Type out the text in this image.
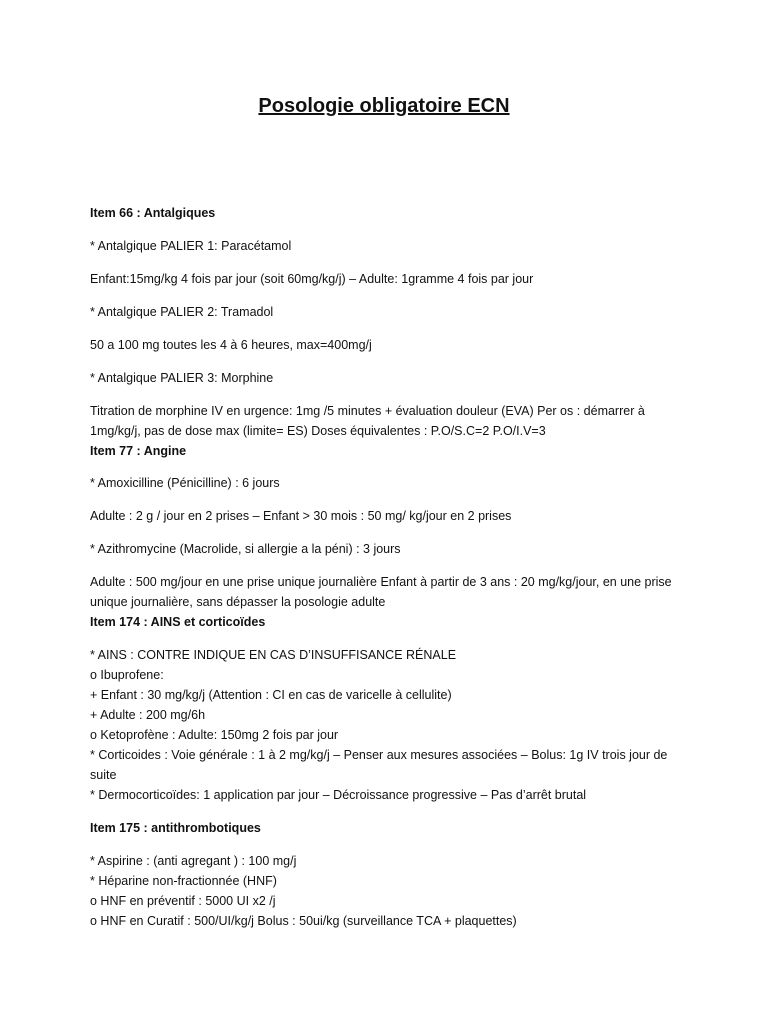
Posologie obligatoire ECN

Item 66 : Antalgiques

* Antalgique PALIER 1: Paracétamol

Enfant:15mg/kg 4 fois par jour (soit 60mg/kg/j) – Adulte: 1gramme 4 fois par jour

* Antalgique PALIER 2: Tramadol

50 a 100 mg toutes les 4 à 6 heures, max=400mg/j

* Antalgique PALIER 3: Morphine

Titration de morphine IV en urgence: 1mg /5 minutes + évaluation douleur (EVA) Per os : démarrer à 1mg/kg/j, pas de dose max (limite= ES) Doses équivalentes : P.O/S.C=2 P.O/I.V=3

Item 77 : Angine

* Amoxicilline (Pénicilline) : 6 jours

Adulte : 2 g / jour en 2 prises – Enfant > 30 mois : 50 mg/ kg/jour en 2 prises

* Azithromycine (Macrolide, si allergie a la péni) : 3 jours

Adulte : 500 mg/jour en une prise unique journalière Enfant à partir de 3 ans : 20 mg/kg/jour, en une prise unique journalière, sans dépasser la posologie adulte

Item 174 : AINS et corticoïdes

* AINS : CONTRE INDIQUE EN CAS D’INSUFFISANCE RÉNALE

o Ibuprofene:

+ Enfant : 30 mg/kg/j (Attention : CI en cas de varicelle à cellulite)

+ Adulte : 200 mg/6h

o Ketoprofène : Adulte: 150mg 2 fois par jour

* Corticoides : Voie générale : 1 à 2 mg/kg/j – Penser aux mesures associées – Bolus: 1g IV trois jour de suite

* Dermocorticoïdes: 1 application par jour – Décroissance progressive – Pas d’arrêt brutal

Item 175 : antithrombotiques

* Aspirine : (anti agregant ) : 100 mg/j

* Héparine non-fractionnée (HNF)

o HNF en préventif : 5000 UI x2 /j

o HNF en Curatif : 500/UI/kg/j Bolus : 50ui/kg (surveillance TCA + plaquettes)
